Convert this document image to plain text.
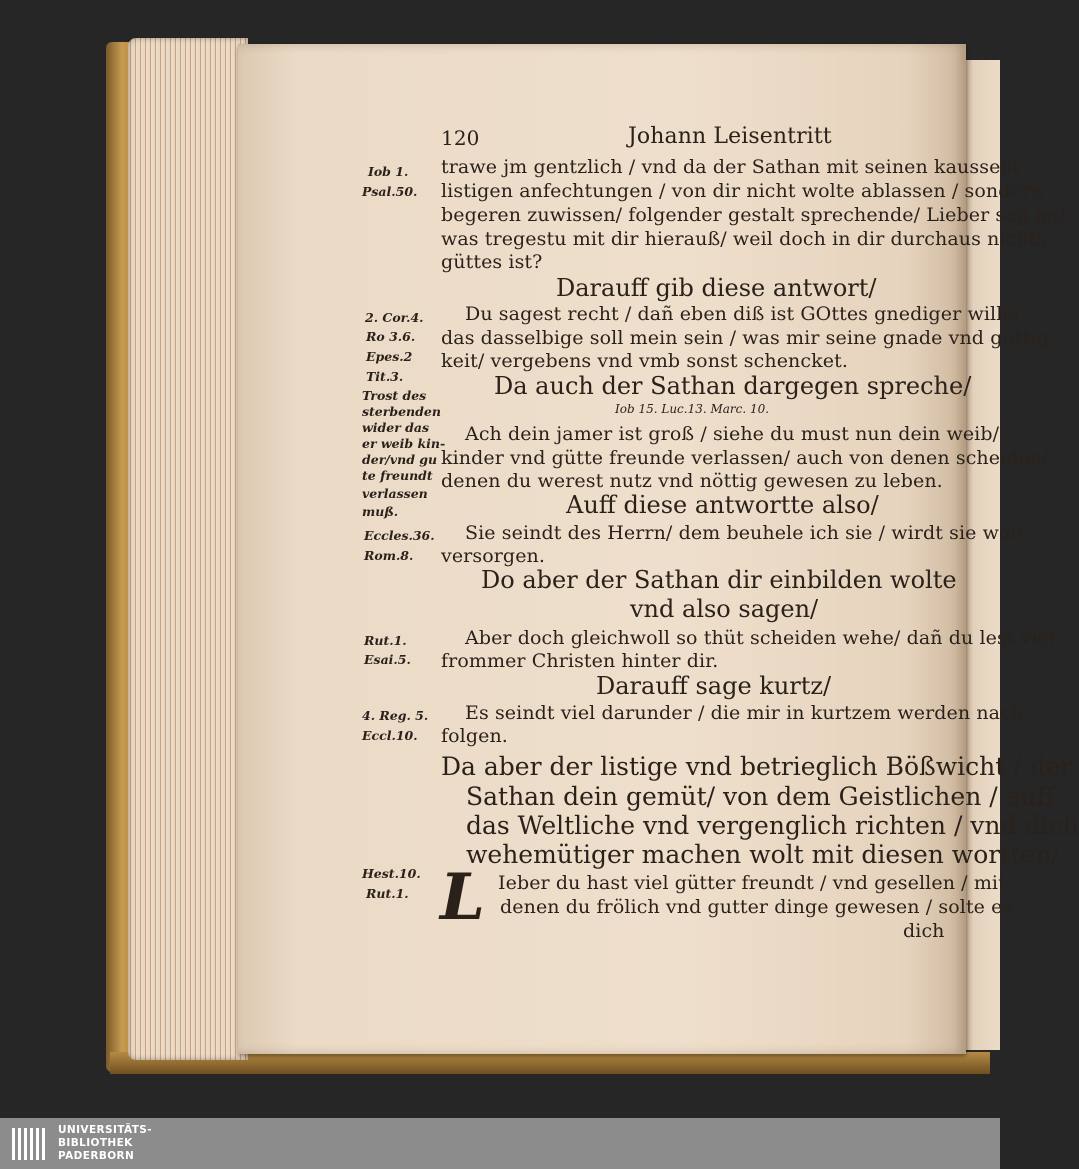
120	Johann Leisentritt
Iob 1.
Psal.50.
2. Cor.4.
Ro 3.6.
Epes.2
Tit.3.
Trost des
sterbenden
wider das
er weib kin-
der/vnd gu
te freundt
verlassen
muß.
Eccles.36.
Rom.8.
Rut.1.
Esai.5.
4. Reg. 5.
Eccl.10.
Hest.10.
Rut.1.
trawe jm gentzlich / vnd da der Sathan mit seinen kaussent-
listigen anfechtungen / von dir nicht wolte ablassen / sondern
begeren zuwissen/ folgender gestalt sprechende/ Lieber sag an/
was tregestu mit dir hierauß/ weil doch in dir durchaus nichts
güttes ist?
Darauff gib diese antwort/
Du sagest recht / dañ eben diß ist GOttes gnediger wille/
das dasselbige soll mein sein / was mir seine gnade vnd güttig-
keit/ vergebens vnd vmb sonst schencket.
Da auch der Sathan dargegen spreche/
Iob 15. Luc.13. Marc. 10.
Ach dein jamer ist groß / siehe du must nun dein weib/
kinder vnd gütte freunde verlassen/ auch von denen scheiden/
denen du werest nutz vnd nöttig gewesen zu leben.
Auff diese antwortte also/
Sie seindt des Herrn/ dem beuhele ich sie / wirdt sie woll
versorgen.
Do aber der Sathan dir einbilden wolte
vnd also sagen/
Aber doch gleichwoll so thüt scheiden wehe/ dañ du lest viel
frommer Christen hinter dir.
Darauff sage kurtz/
Es seindt viel darunder / die mir in kurtzem werden nach-
folgen.
Da aber der listige vnd betrieglich Bößwicht / der
Sathan dein gemüt/ von dem Geistlichen / auff
das Weltliche vnd vergenglich richten / vnd dich
wehemütiger machen wolt mit diesen wortten/
L Ieber du hast viel gütter freundt / vnd gesellen / mit
denen du frölich vnd gutter dinge gewesen / solte es
dich
UNIVERSITÄTS-
BIBLIOTHEK
PADERBORN
